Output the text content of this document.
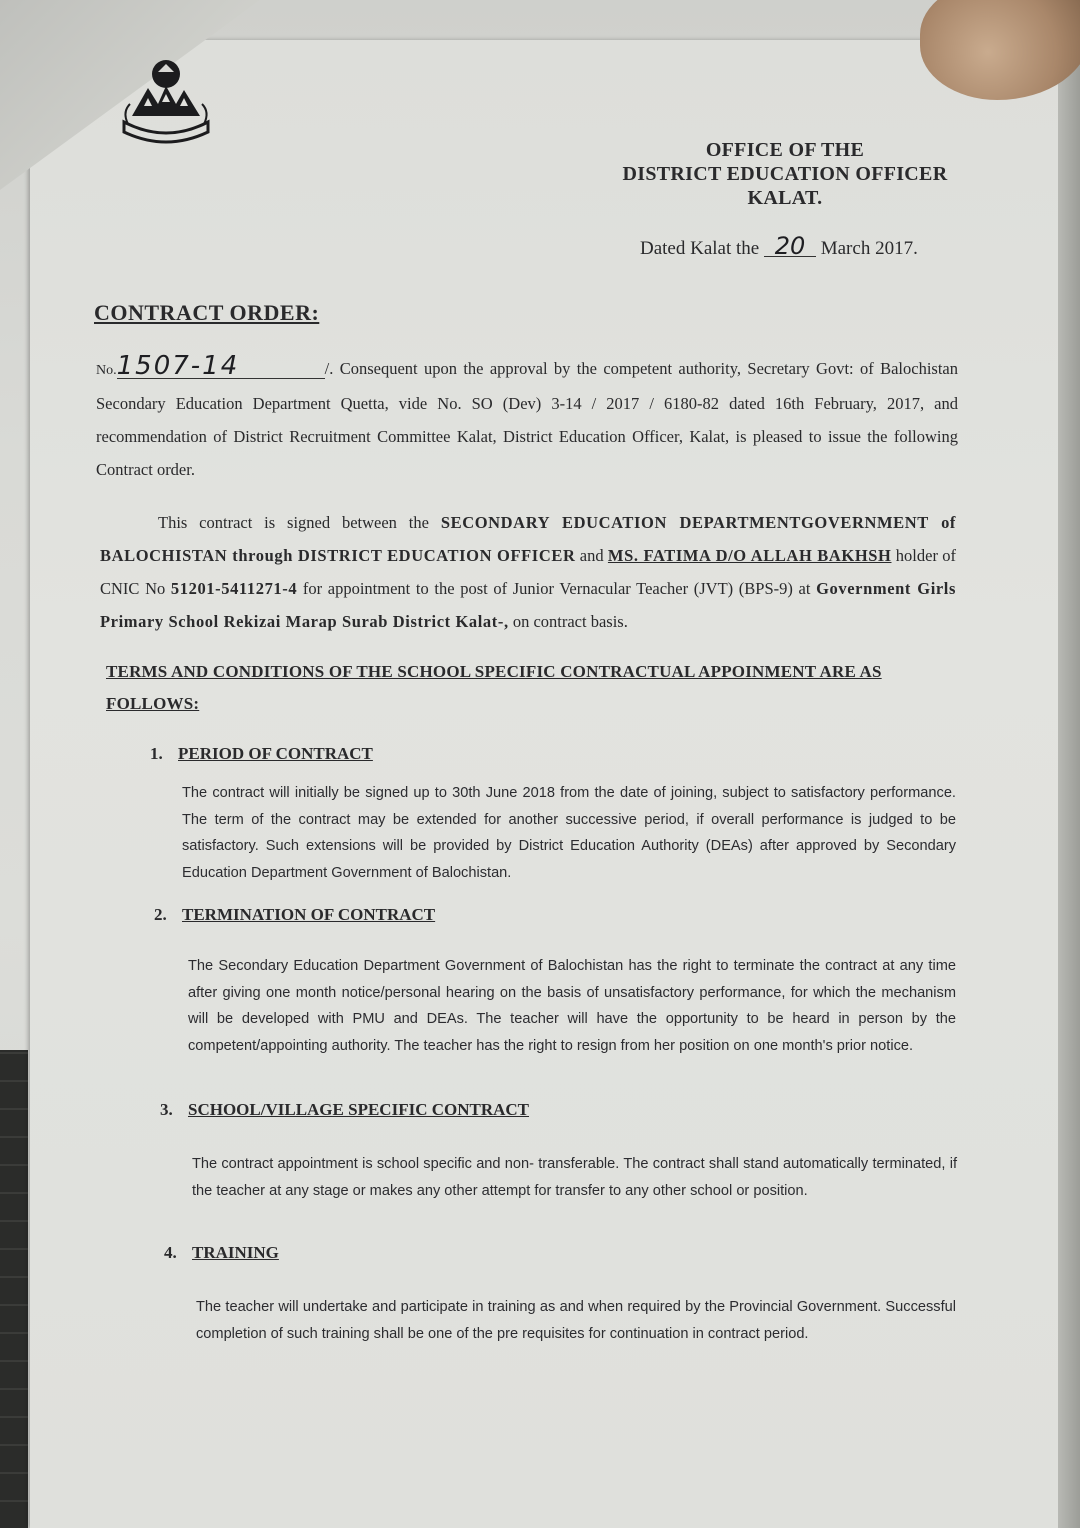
OFFICE OF THE
DISTRICT EDUCATION OFFICER
KALAT.
Dated Kalat the 20 March 2017.
CONTRACT ORDER:
No.1507-14	/. Consequent upon the approval by the competent authority, Secretary Govt: of Balochistan Secondary Education Department Quetta, vide No. SO (Dev) 3-14 / 2017 / 6180-82 dated 16th February, 2017, and recommendation of District Recruitment Committee Kalat, District Education Officer, Kalat, is pleased to issue the following Contract order.
This contract is signed between the SECONDARY EDUCATION DEPARTMENTGOVERNMENT of BALOCHISTAN through DISTRICT EDUCATION OFFICER and MS. FATIMA D/O ALLAH BAKHSH holder of CNIC No 51201-5411271-4 for appointment to the post of Junior Vernacular Teacher (JVT) (BPS-9) at Government Girls Primary School Rekizai Marap Surab District Kalat-, on contract basis.
TERMS AND CONDITIONS OF THE SCHOOL SPECIFIC CONTRACTUAL APPOINMENT ARE AS FOLLOWS:
1. PERIOD OF CONTRACT
The contract will initially be signed up to 30th June 2018 from the date of joining, subject to satisfactory performance. The term of the contract may be extended for another successive period, if overall performance is judged to be satisfactory. Such extensions will be provided by District Education Authority (DEAs) after approved by Secondary Education Department Government of Balochistan.
2. TERMINATION OF CONTRACT
The Secondary Education Department Government of Balochistan has the right to terminate the contract at any time after giving one month notice/personal hearing on the basis of unsatisfactory performance, for which the mechanism will be developed with PMU and DEAs. The teacher will have the opportunity to be heard in person by the competent/appointing authority. The teacher has the right to resign from her position on one month's prior notice.
3. SCHOOL/VILLAGE SPECIFIC CONTRACT
The contract appointment is school specific and non- transferable. The contract shall stand automatically terminated, if the teacher at any stage or makes any other attempt for transfer to any other school or position.
4. TRAINING
The teacher will undertake and participate in training as and when required by the Provincial Government. Successful completion of such training shall be one of the pre requisites for continuation in contract period.
